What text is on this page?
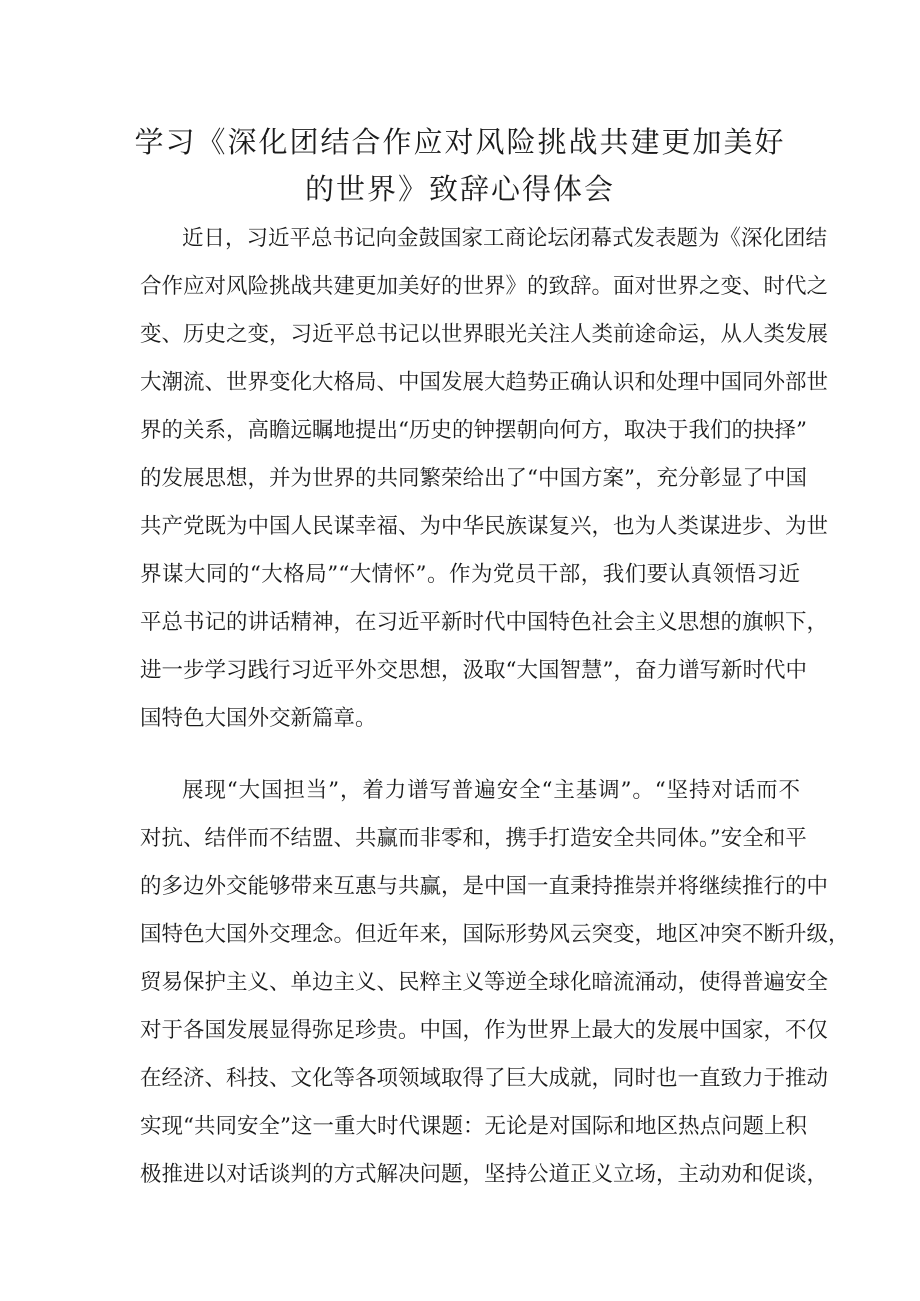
学习《深化团结合作应对风险挑战共建更加美好
的世界》致辞心得体会
近日，习近平总书记向金鼓国家工商论坛闭幕式发表题为《深化团结
合作应对风险挑战共建更加美好的世界》的致辞。面对世界之变、时代之
变、历史之变，习近平总书记以世界眼光关注人类前途命运，从人类发展
大潮流、世界变化大格局、中国发展大趋势正确认识和处理中国同外部世
界的关系，高瞻远瞩地提出“历史的钟摆朝向何方，取决于我们的抉择”
的发展思想，并为世界的共同繁荣给出了“中国方案”，充分彰显了中国
共产党既为中国人民谋幸福、为中华民族谋复兴，也为人类谋进步、为世
界谋大同的“大格局”“大情怀”。作为党员干部，我们要认真领悟习近
平总书记的讲话精神，在习近平新时代中国特色社会主义思想的旗帜下，
进一步学习践行习近平外交思想，汲取“大国智慧”，奋力谱写新时代中
国特色大国外交新篇章。
展现“大国担当”，着力谱写普遍安全“主基调”。“坚持对话而不
对抗、结伴而不结盟、共赢而非零和，携手打造安全共同体。”安全和平
的多边外交能够带来互惠与共赢，是中国一直秉持推崇并将继续推行的中
国特色大国外交理念。但近年来，国际形势风云突变，地区冲突不断升级，
贸易保护主义、单边主义、民粹主义等逆全球化暗流涌动，使得普遍安全
对于各国发展显得弥足珍贵。中国，作为世界上最大的发展中国家，不仅
在经济、科技、文化等各项领域取得了巨大成就，同时也一直致力于推动
实现“共同安全”这一重大时代课题：无论是对国际和地区热点问题上积
极推进以对话谈判的方式解决问题，坚持公道正义立场，主动劝和促谈，
